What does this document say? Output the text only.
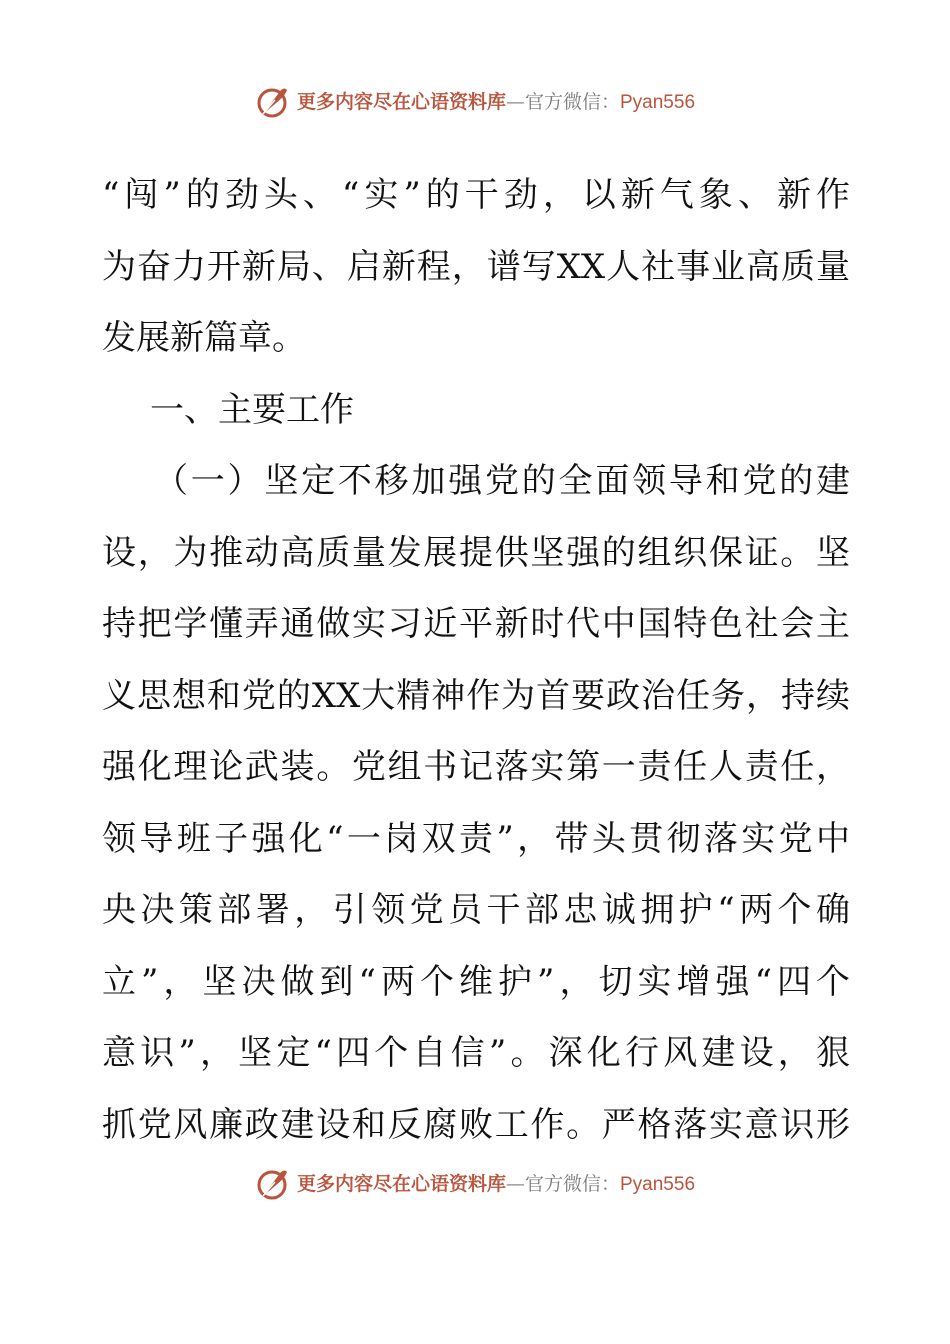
更多内容尽在心语资料库—官方微信：Pyan556
“闯”的劲头、“实”的干劲，以新气象、新作
为奋力开新局、启新程，谱写XX人社事业高质量
发展新篇章。
一、主要工作
（一）坚定不移加强党的全面领导和党的建
设，为推动高质量发展提供坚强的组织保证。坚
持把学懂弄通做实习近平新时代中国特色社会主
义思想和党的XX大精神作为首要政治任务，持续
强化理论武装。党组书记落实第一责任人责任，
领导班子强化“一岗双责”，带头贯彻落实党中
央决策部署，引领党员干部忠诚拥护“两个确
立”，坚决做到“两个维护”，切实增强“四个
意识”，坚定“四个自信”。深化行风建设，狠
抓党风廉政建设和反腐败工作。严格落实意识形
更多内容尽在心语资料库—官方微信：Pyan556
